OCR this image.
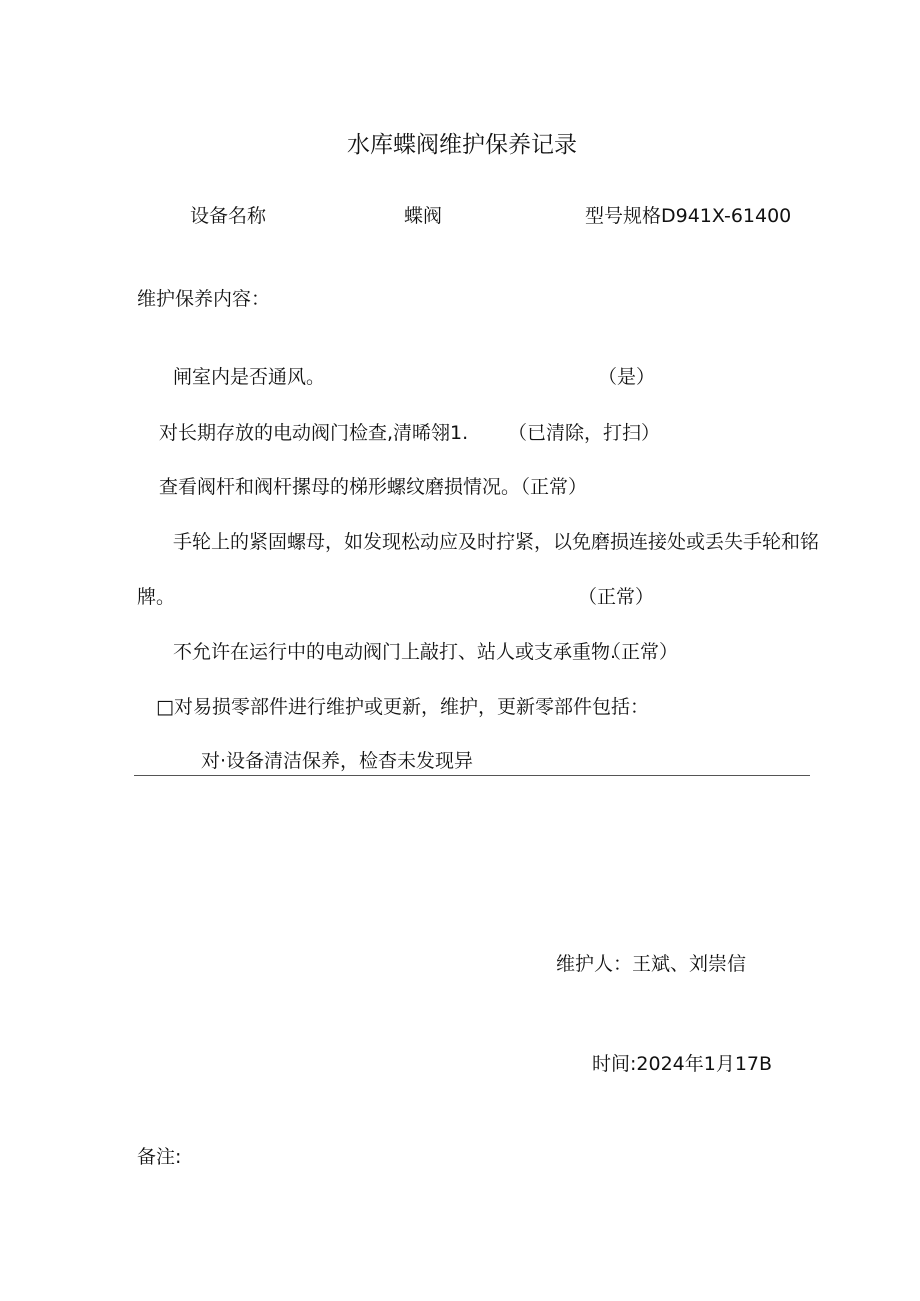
水库蝶阀维护保养记录
设备名称	蝶阀	型号规格D941X-61400
维护保养内容：
闸室内是否通风。	（是）
对长期存放的电动阀门检查,清晞翎1. （已清除，打扫）
查看阀杆和阀杆摞母的梯形螺纹磨损情况。
（正常）
手轮上的紧固螺母，如发现松动应及时拧紧，以免磨损连接处或丢失手轮和铭
牌。	（正常）
不允许在运行中的电动阀门上敲打、站人或支承重物.
（正常）
□对易损零部件进行维护或更新，维护，更新零部件包括：
对·设备清洁保养，检杳未发现异
维护人：王斌、刘崇信
时间:2024年1月17B
备注:
